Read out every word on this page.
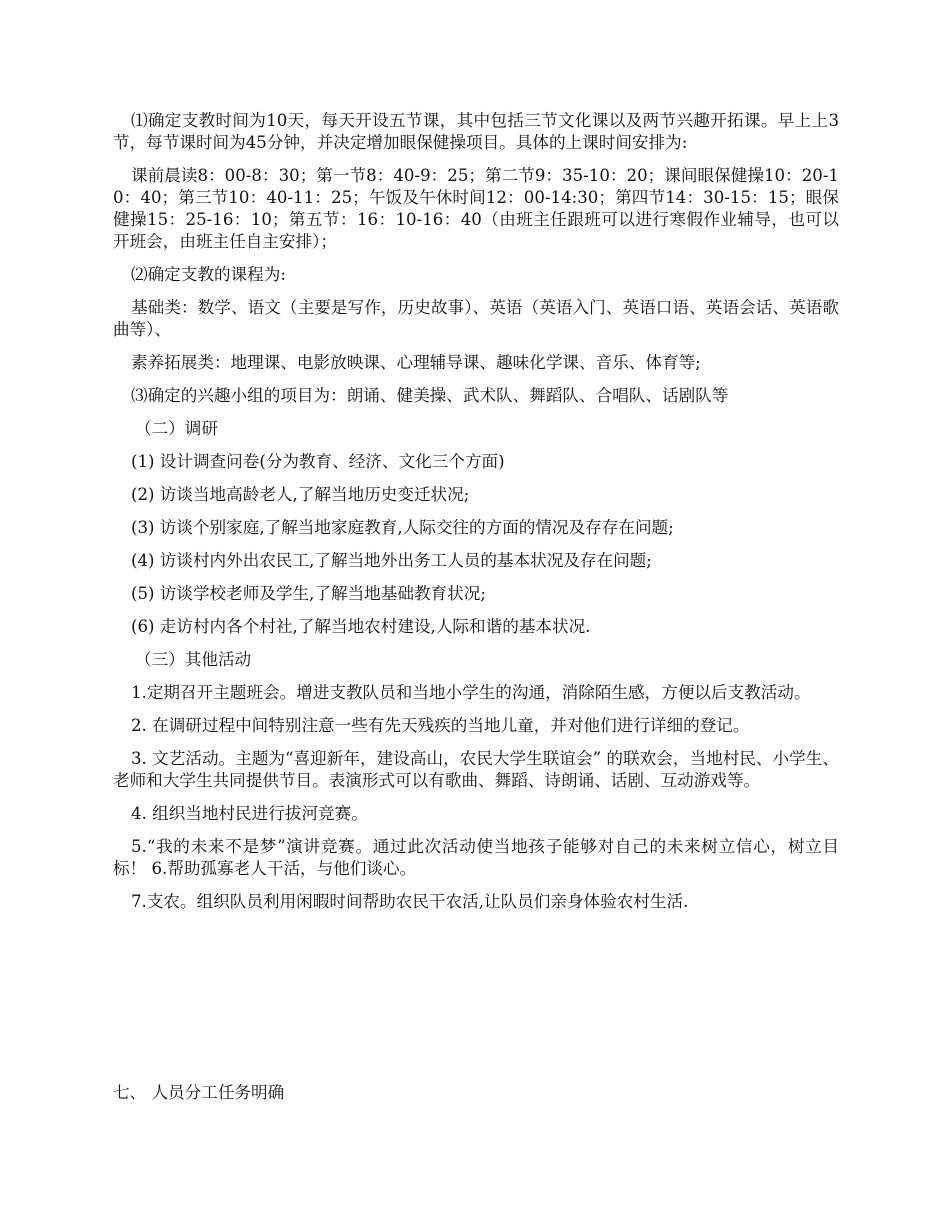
⑴确定支教时间为10天，每天开设五节课，其中包括三节文化课以及两节兴趣开拓课。早上上3节，每节课时间为45分钟，并决定增加眼保健操项目。具体的上课时间安排为:

课前晨读8：00-8：30；第一节8：40-9：25；第二节9：35-10：20；课间眼保健操10：20-10：40；第三节10：40-11：25；午饭及午休时间12：00-14:30；第四节14：30-15：15；眼保健操15：25-16：10；第五节：16：10-16：40（由班主任跟班可以进行寒假作业辅导，也可以开班会，由班主任自主安排）；

⑵确定支教的课程为:

基础类：数学、语文（主要是写作，历史故事）、英语（英语入门、英语口语、英语会话、英语歌曲等）、

素养拓展类：地理课、电影放映课、心理辅导课、趣味化学课、音乐、体育等;

⑶确定的兴趣小组的项目为：朗诵、健美操、武术队、舞蹈队、合唱队、话剧队等

（二）调研

(1) 设计调查问卷(分为教育、经济、文化三个方面)

(2) 访谈当地高龄老人,了解当地历史变迁状况;

(3) 访谈个别家庭,了解当地家庭教育,人际交往的方面的情况及存存在问题;

(4) 访谈村内外出农民工,了解当地外出务工人员的基本状况及存在问题;

(5) 访谈学校老师及学生,了解当地基础教育状况;

(6) 走访村内各个村社,了解当地农村建设,人际和谐的基本状况.

（三）其他活动

1.定期召开主题班会。增进支教队员和当地小学生的沟通，消除陌生感，方便以后支教活动。

2. 在调研过程中间特别注意一些有先天残疾的当地儿童，并对他们进行详细的登记。

3. 文艺活动。主题为“喜迎新年，建设高山，农民大学生联谊会” 的联欢会，当地村民、小学生、老师和大学生共同提供节目。表演形式可以有歌曲、舞蹈、诗朗诵、话剧、互动游戏等。

4. 组织当地村民进行拔河竞赛。

5.“我的未来不是梦”演讲竞赛。通过此次活动使当地孩子能够对自己的未来树立信心，树立目标！ 6.帮助孤寡老人干活，与他们谈心。

7.支农。组织队员利用闲暇时间帮助农民干农活,让队员们亲身体验农村生活.

七、 人员分工任务明确
